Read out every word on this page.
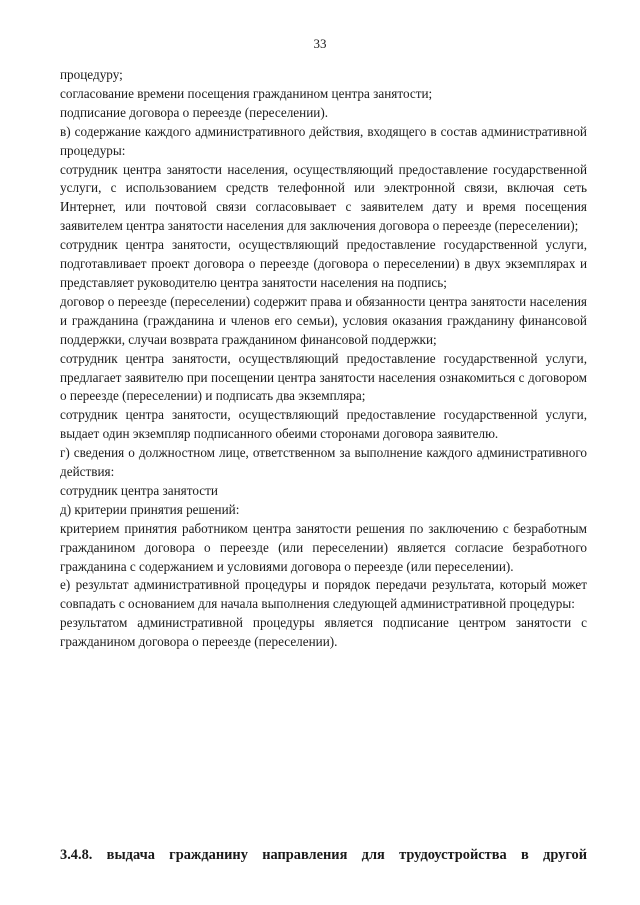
33

процедуру;

согласование времени посещения гражданином центра занятости;

подписание договора о переезде (переселении).

в) содержание каждого административного действия, входящего в состав административной процедуры:

сотрудник центра занятости населения, осуществляющий предоставление государственной услуги, с использованием средств телефонной или электронной связи, включая сеть Интернет, или почтовой связи согласовывает с заявителем дату и время посещения заявителем центра занятости населения для заключения договора о переезде (переселении);

сотрудник центра занятости, осуществляющий предоставление государственной услуги, подготавливает проект договора о переезде (договора о переселении) в двух экземплярах и представляет руководителю центра занятости населения на подпись;

договор о переезде (переселении) содержит права и обязанности центра занятости населения и гражданина (гражданина и членов его семьи), условия оказания гражданину финансовой поддержки, случаи возврата гражданином финансовой поддержки;

сотрудник центра занятости, осуществляющий предоставление государственной услуги, предлагает заявителю при посещении центра занятости населения ознакомиться с договором о переезде (переселении) и подписать два экземпляра;

сотрудник центра занятости, осуществляющий предоставление государственной услуги, выдает один экземпляр подписанного обеими сторонами договора заявителю.

г) сведения о должностном лице, ответственном за выполнение каждого административного действия:

сотрудник центра занятости

д) критерии принятия решений:

критерием принятия работником центра занятости решения по заключению с безработным гражданином договора о переезде (или переселении) является согласие безработного гражданина с содержанием и условиями договора о переезде (или переселении).

е) результат административной процедуры и порядок передачи результата, который может совпадать с основанием для начала выполнения следующей административной процедуры:

результатом административной процедуры является подписание центром занятости с гражданином договора о переезде (переселении).

3.4.8. выдача гражданину направления для трудоустройства в другой
